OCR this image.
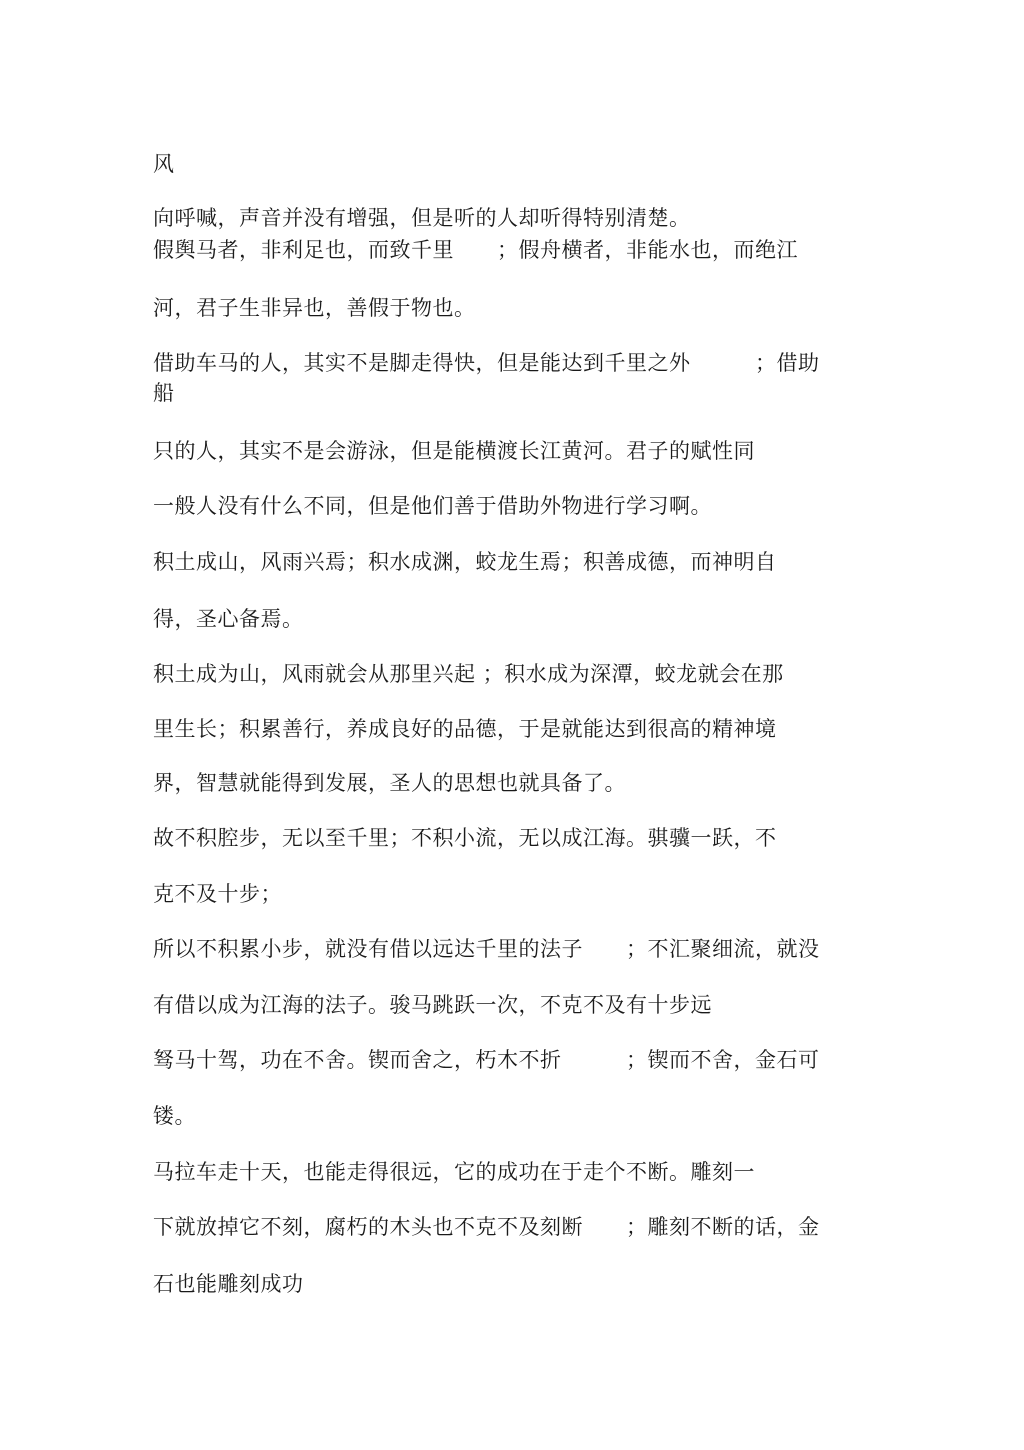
风

向呼喊，声音并没有增强，但是听的人却听得特别清楚。

假舆马者，非利足也，而致千里　　；假舟横者，非能水也，而绝江

河，君子生非异也，善假于物也。

借助车马的人，其实不是脚走得快，但是能达到千里之外　　　；借助

船

只的人，其实不是会游泳，但是能横渡长江黄河。君子的赋性同

一般人没有什么不同，但是他们善于借助外物进行学习啊。

积土成山，风雨兴焉；积水成渊，蛟龙生焉；积善成德，而神明自

得，圣心备焉。

积土成为山，风雨就会从那里兴起 ；积水成为深潭，蛟龙就会在那

里生长；积累善行，养成良好的品德，于是就能达到很高的精神境

界，智慧就能得到发展，圣人的思想也就具备了。

故不积腔步，无以至千里；不积小流，无以成江海。骐骥一跃，不

克不及十步；

所以不积累小步，就没有借以远达千里的法子　　；不汇聚细流，就没

有借以成为江海的法子。骏马跳跃一次，不克不及有十步远

驽马十驾，功在不舍。锲而舍之，朽木不折　　　；锲而不舍，金石可

镂。

马拉车走十天，也能走得很远，它的成功在于走个不断。雕刻一

下就放掉它不刻，腐朽的木头也不克不及刻断　　；雕刻不断的话，金

石也能雕刻成功
